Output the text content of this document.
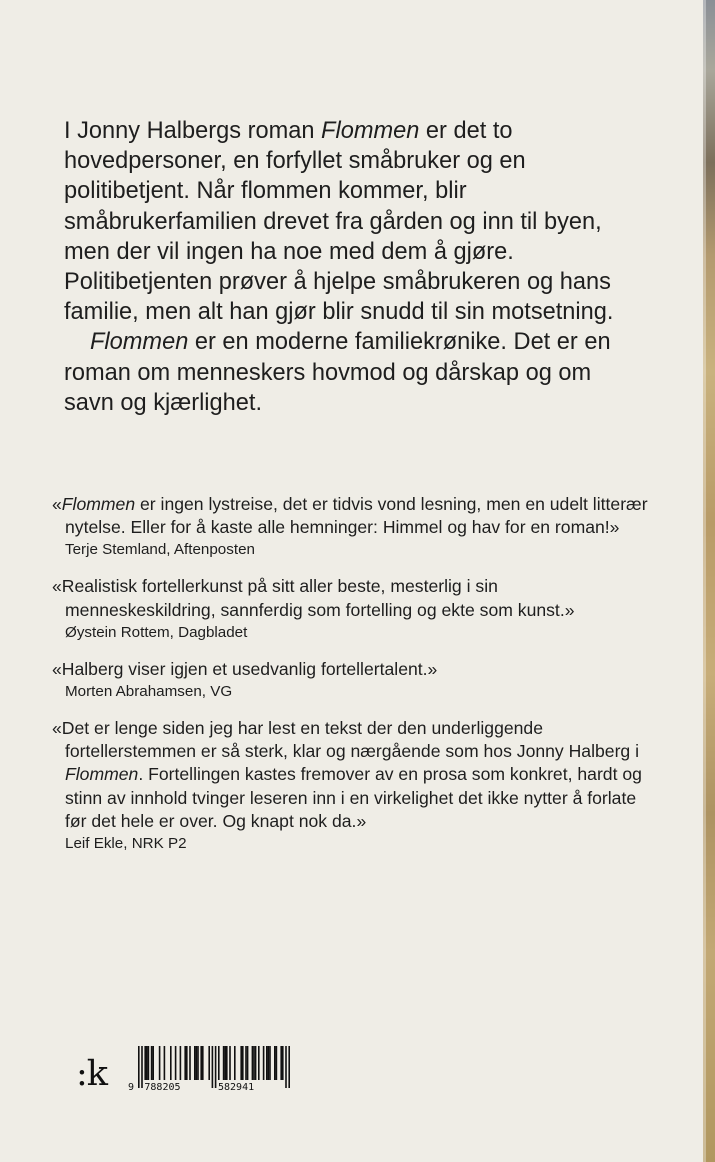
I Jonny Halbergs roman Flommen er det to hovedpersoner, en forfyllet småbruker og en politibetjent. Når flommen kommer, blir småbrukerfamilien drevet fra gården og inn til byen, men der vil ingen ha noe med dem å gjøre. Politibetjenten prøver å hjelpe småbrukeren og hans familie, men alt han gjør blir snudd til sin motsetning.

Flommen er en moderne familiekrønike. Det er en roman om menneskers hovmod og dårskap og om savn og kjærlighet.

«Flommen er ingen lystreise, det er tidvis vond lesning, men en udelt litterær nytelse. Eller for å kaste alle hemninger: Himmel og hav for en roman!»
Terje Stemland, Aftenposten
«Realistisk fortellerkunst på sitt aller beste, mesterlig i sin menneskeskildring, sannferdig som fortelling og ekte som kunst.»
Øystein Rottem, Dagbladet
«Halberg viser igjen et usedvanlig fortellertalent.»
Morten Abrahamsen, VG
«Det er lenge siden jeg har lest en tekst der den underliggende fortellerstemmen er så sterk, klar og nærgående som hos Jonny Halberg i Flommen. Fortellingen kastes fremover av en prosa som konkret, hardt og stinn av innhold tvinger leseren inn i en virkelighet det ikke nytter å forlate før det hele er over. Og knapt nok da.»
Leif Ekle, NRK P2
:k 9 788205	582941
